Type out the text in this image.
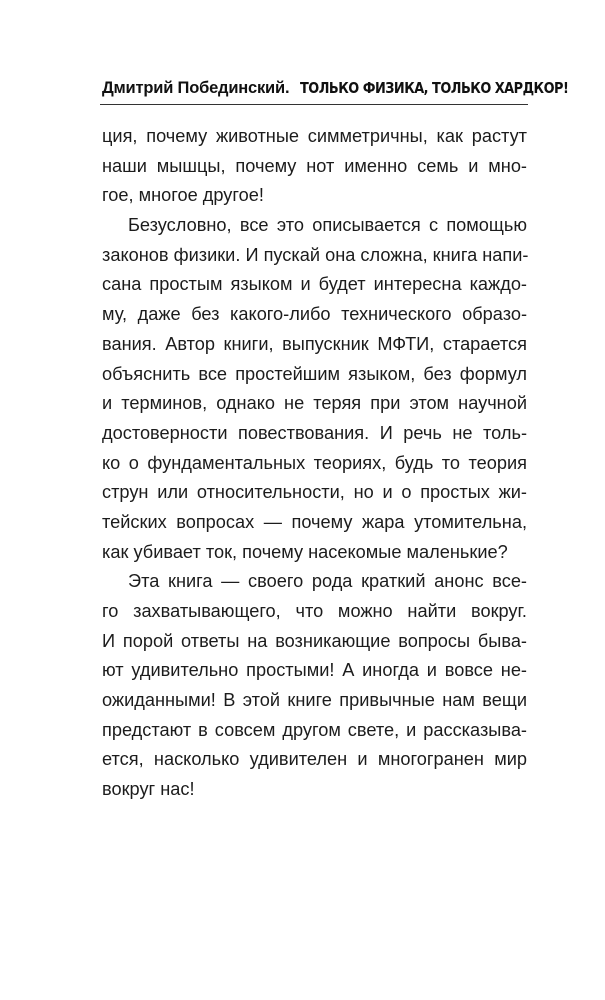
Дмитрий Побединский. ТОЛЬКО ФИЗИКА, ТОЛЬКО ХАРДКОР!

ция, почему животные симметричны, как растут
наши мышцы, почему нот именно семь и мно-
гое, многое другое!

Безусловно, все это описывается с помощью
законов физики. И пускай она сложна, книга напи-
сана простым языком и будет интересна каждо-
му, даже без какого-либо технического образо-
вания. Автор книги, выпускник МФТИ, старается
объяснить все простейшим языком, без формул
и терминов, однако не теряя при этом научной
достоверности повествования. И речь не толь-
ко о фундаментальных теориях, будь то теория
струн или относительности, но и о простых жи-
тейских вопросах — почему жара утомительна,
как убивает ток, почему насекомые маленькие?

Эта книга — своего рода краткий анонс все-
го захватывающего, что можно найти вокруг.
И порой ответы на возникающие вопросы быва-
ют удивительно простыми! А иногда и вовсе не-
ожиданными! В этой книге привычные нам вещи
предстают в совсем другом свете, и рассказыва-
ется, насколько удивителен и многогранен мир
вокруг нас!
